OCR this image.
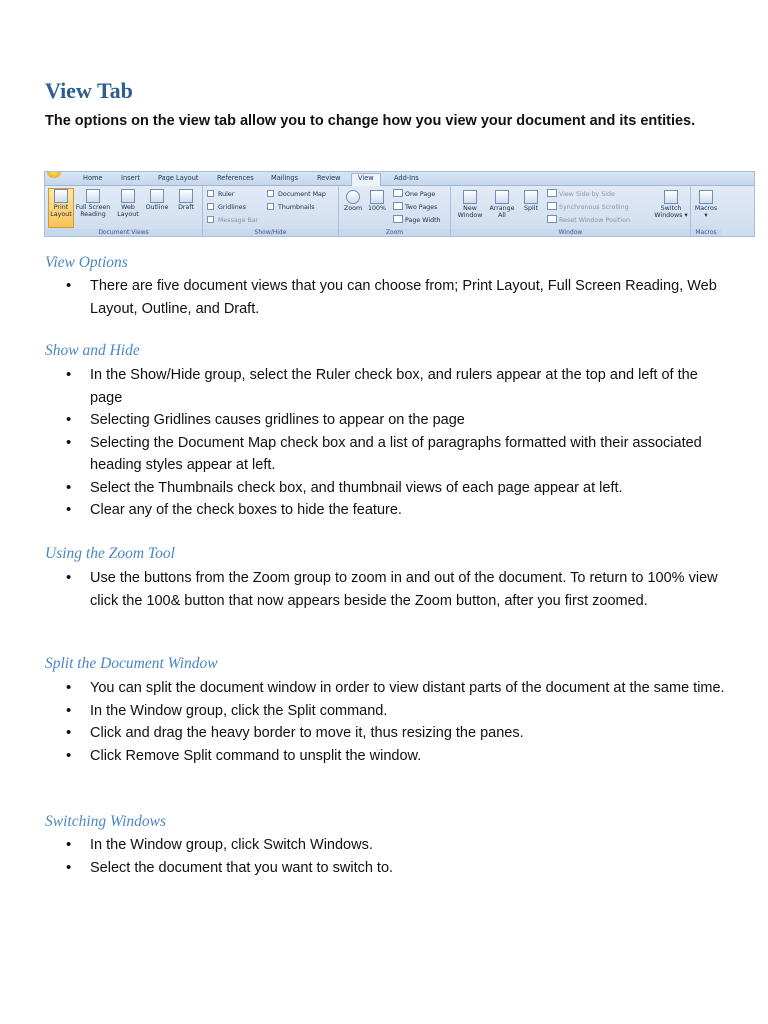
View Tab

The options on the view tab allow you to change how you view your document and its entities.

Home	Insert	Page Layout	References	Mailings	Review	View	Add-Ins
Print
Layout
Full Screen
Reading
Web
Layout
Outline	Draft
Document Views
Ruler	Document Map
Gridlines	Thumbnails
Message Bar
Show/Hide
Zoom 100%
One Page
Two Pages
Page Width
Zoom
New
Window
Arrange
All
Split
View Side by Side
Synchronous Scrolling
Reset Window Position
Switch
Windows ▾
Window
Macros
▾
Macros
View Options
• There are five document views that you can choose from; Print Layout, Full Screen Reading, Web Layout, Outline, and Draft.
Show and Hide
• In the Show/Hide group, select the Ruler check box, and rulers appear at the top and left of the page
• Selecting Gridlines causes gridlines to appear on the page
• Selecting the Document Map check box and a list of paragraphs formatted with their associated heading styles appear at left.
• Select the Thumbnails check box, and thumbnail views of each page appear at left.
• Clear any of the check boxes to hide the feature.
Using the Zoom Tool
• Use the buttons from the Zoom group to zoom in and out of the document. To return to 100% view click the 100& button that now appears beside the Zoom button, after you first zoomed.
Split the Document Window
• You can split the document window in order to view distant parts of the document at the same time.
• In the Window group, click the Split command.
• Click and drag the heavy border to move it, thus resizing the panes.
• Click Remove Split command to unsplit the window.
Switching Windows
• In the Window group, click Switch Windows.
• Select the document that you want to switch to.
